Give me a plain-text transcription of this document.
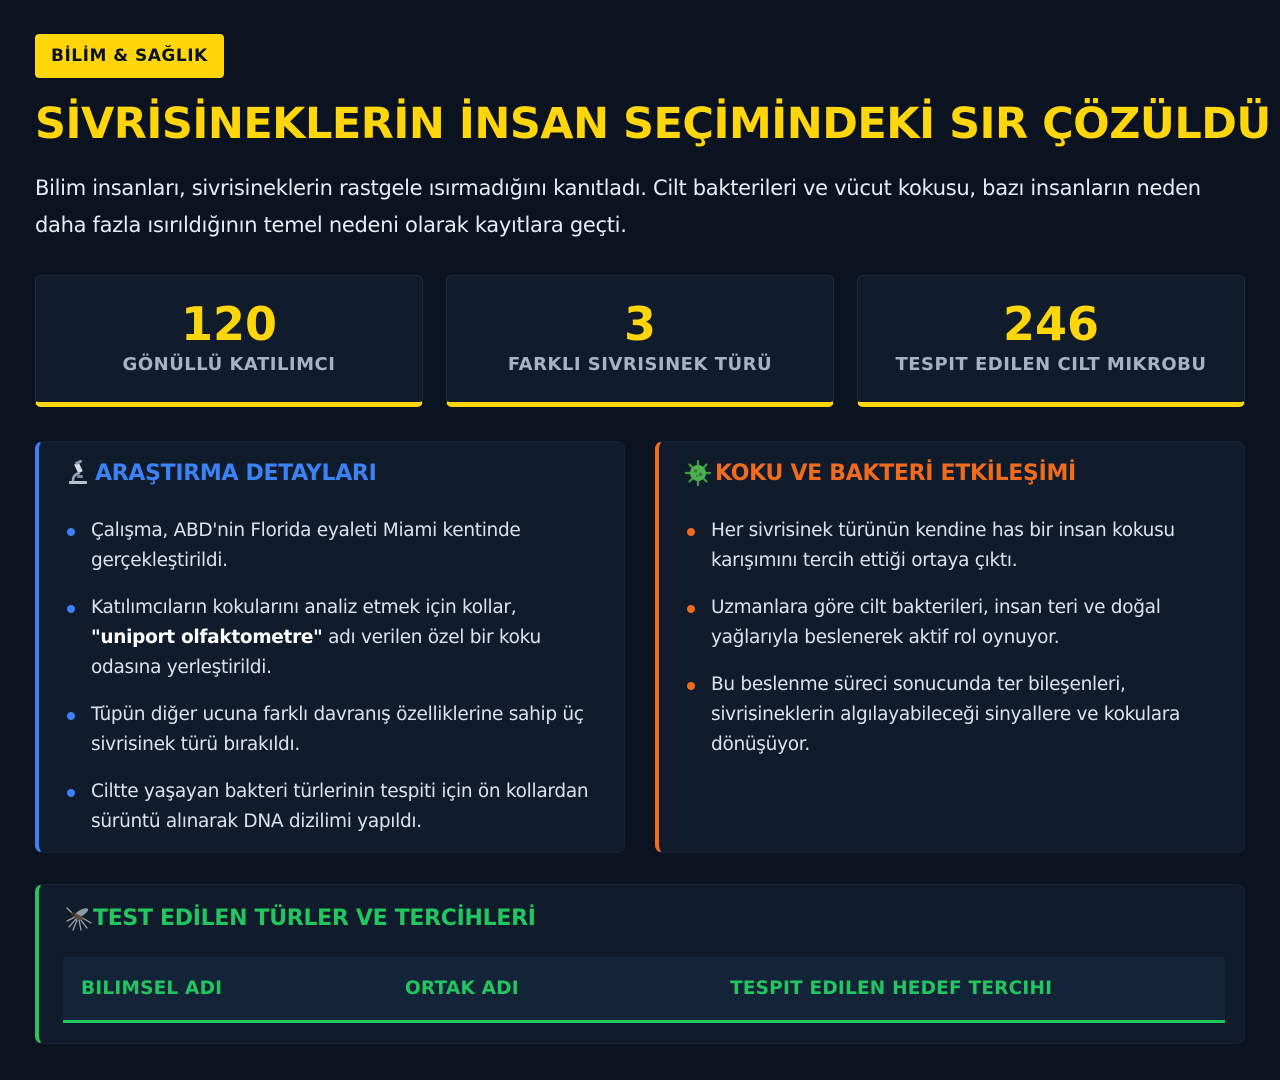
BİLİM & SAĞLIK
SİVRİSİNEKLERİN İNSAN SEÇİMİNDEKİ SIR ÇÖZÜLDÜ

Bilim insanları, sivrisineklerin rastgele ısırmadığını kanıtladı. Cilt bakterileri ve vücut kokusu, bazı insanların neden daha fazla ısırıldığının temel nedeni olarak kayıtlara geçti.

120
GÖNÜLLÜ KATILIMCI
3
FARKLI SIVRISINEK TÜRÜ
246
TESPIT EDILEN CILT MIKROBU
ARAŞTIRMA DETAYLARI
Çalışma, ABD'nin Florida eyaleti Miami kentinde gerçekleştirildi.
Katılımcıların kokularını analiz etmek için kollar, "uniport olfaktometre" adı verilen özel bir koku odasına yerleştirildi.
Tüpün diğer ucuna farklı davranış özelliklerine sahip üç sivrisinek türü bırakıldı.
Ciltte yaşayan bakteri türlerinin tespiti için ön kollardan sürüntü alınarak DNA dizilimi yapıldı.
KOKU VE BAKTERİ ETKİLEŞİMİ
Her sivrisinek türünün kendine has bir insan kokusu karışımını tercih ettiği ortaya çıktı.
Uzmanlara göre cilt bakterileri, insan teri ve doğal yağlarıyla beslenerek aktif rol oynuyor.
Bu beslenme süreci sonucunda ter bileşenleri, sivrisineklerin algılayabileceği sinyallere ve kokulara dönüşüyor.
TEST EDİLEN TÜRLER VE TERCİHLERİ
BILIMSEL ADI	ORTAK ADI	TESPIT EDILEN HEDEF TERCIHI
